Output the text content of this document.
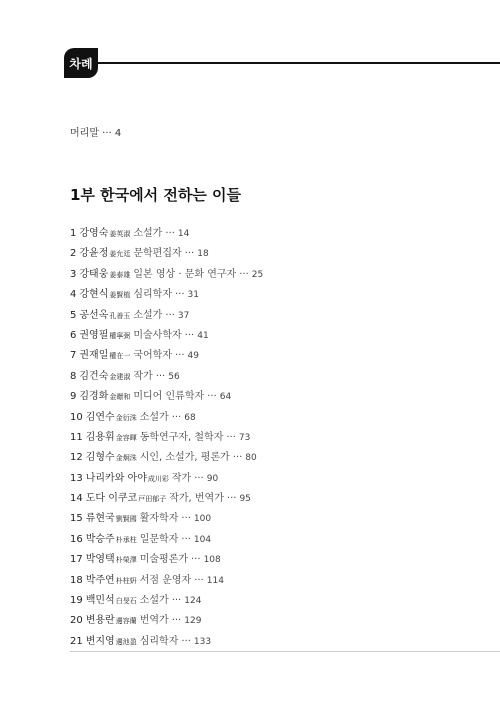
차례
머리말 ··· 4
1부 한국에서 전하는 이들
1 강영숙姜英淑 소설가 ··· 14
2 강윤정姜允廷 문학편집자 ··· 18
3 강태웅姜泰雄 일본 영상 · 문화 연구자 ··· 25
4 강현식姜賢植 심리학자 ··· 31
5 공선옥孔善玉 소설가 ··· 37
6 권영필權寧弼 미술사학자 ··· 41
7 권재일權在一 국어학자 ··· 49
8 김건숙金建淑 작가 ··· 56
9 김경화金暻和 미디어 인류학자 ··· 64
10 김연수金衍洙 소설가 ··· 68
11 김용휘金容暉 동학연구자, 철학자 ··· 73
12 김형수金炯洙 시인, 소설가, 평론가 ··· 80
13 나리카와 아야成川彩 작가 ··· 90
14 도다 이쿠코戸田郁子 작가, 번역가 ··· 95
15 류현국劉賢國 활자학자 ··· 100
16 박승주朴承柱 일문학자 ··· 104
17 박영택朴榮澤 미술평론가 ··· 108
18 박주연朴柱姸 서점 운영자 ··· 114
19 백민석白旻石 소설가 ··· 124
20 변용란邊容蘭 번역가 ··· 129
21 변지영邊池盈 심리학자 ··· 133
